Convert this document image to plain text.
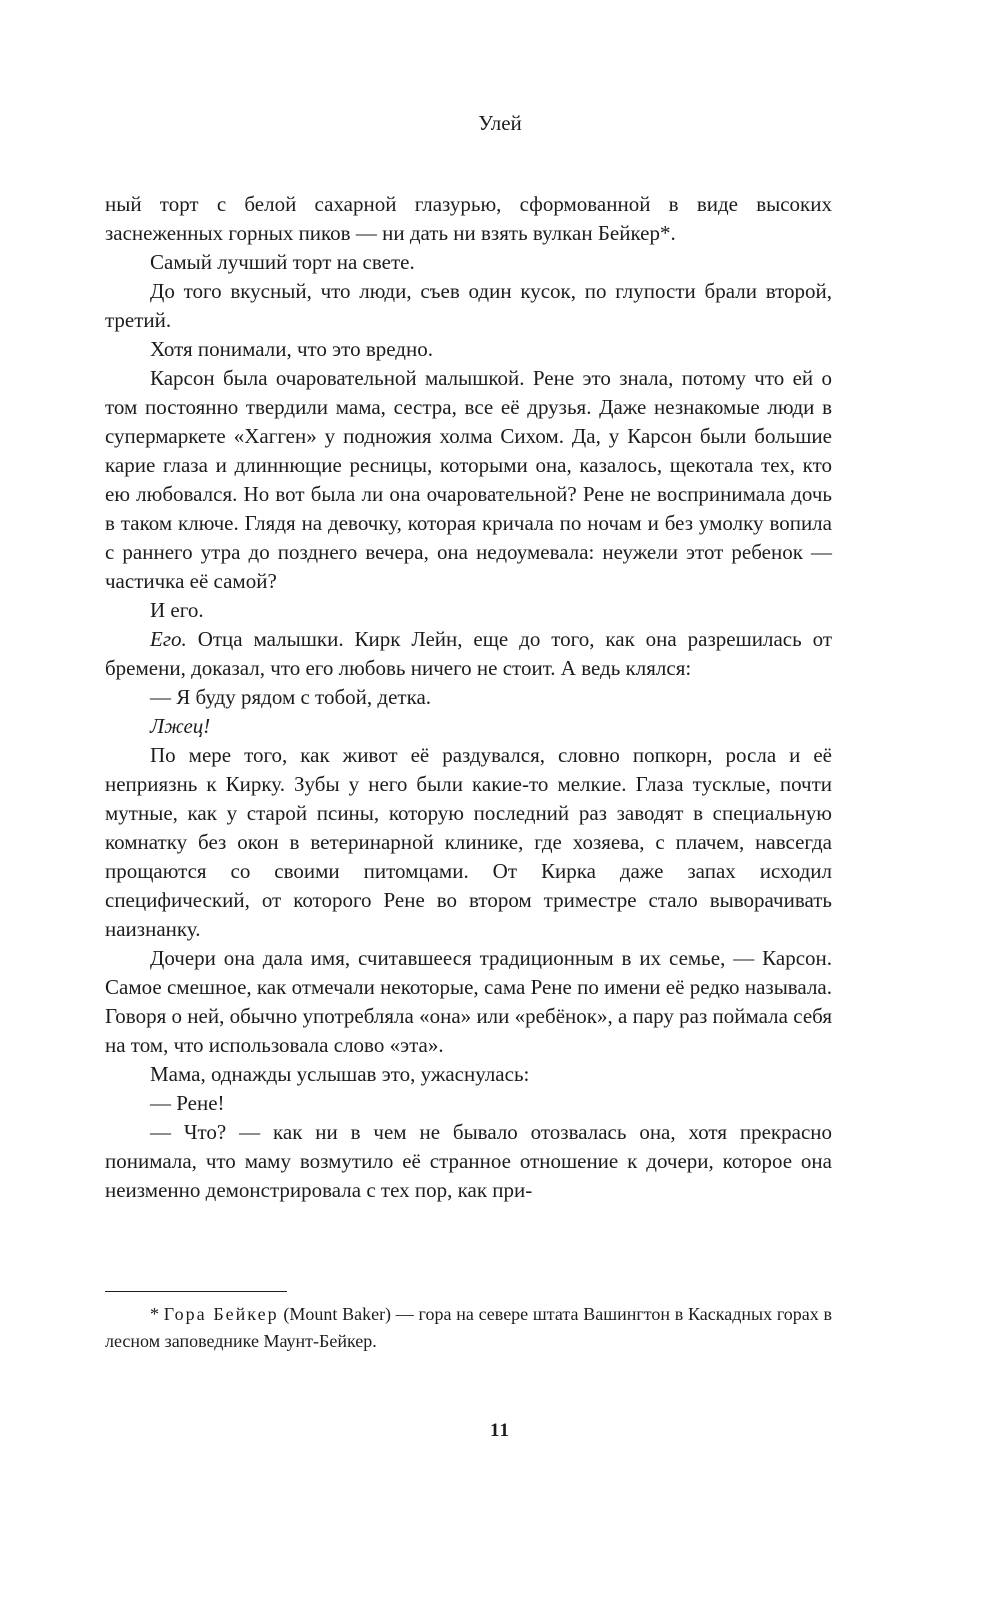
Улей

ный торт с белой сахарной глазурью, сформованной в виде высоких заснеженных горных пиков — ни дать ни взять вулкан Бейкер*.

Самый лучший торт на свете.

До того вкусный, что люди, съев один кусок, по глупости брали второй, третий.

Хотя понимали, что это вредно.

Карсон была очаровательной малышкой. Рене это знала, потому что ей о том постоянно твердили мама, сестра, все её друзья. Даже незнакомые люди в супермаркете «Хагген» у подножия холма Сихом. Да, у Карсон были большие карие глаза и длиннющие ресницы, которыми она, казалось, щекотала тех, кто ею любовался. Но вот была ли она очаровательной? Рене не воспринимала дочь в таком ключе. Глядя на девочку, которая кричала по ночам и без умолку вопила с раннего утра до позднего вечера, она недоумевала: неужели этот ребенок — частичка её самой?

И его.

Его. Отца малышки. Кирк Лейн, еще до того, как она разрешилась от бремени, доказал, что его любовь ничего не стоит. А ведь клялся:

— Я буду рядом с тобой, детка.

Лжец!

По мере того, как живот её раздувался, словно попкорн, росла и её неприязнь к Кирку. Зубы у него были какие-то мелкие. Глаза тусклые, почти мутные, как у старой псины, которую последний раз заводят в специальную комнатку без окон в ветеринарной клинике, где хозяева, с плачем, навсегда прощаются со своими питомцами. От Кирка даже запах исходил специфический, от которого Рене во втором триместре стало выворачивать наизнанку.

Дочери она дала имя, считавшееся традиционным в их семье, — Карсон. Самое смешное, как отмечали некоторые, сама Рене по имени её редко называла. Говоря о ней, обычно употребляла «она» или «ребёнок», а пару раз поймала себя на том, что использовала слово «эта».

Мама, однажды услышав это, ужаснулась:

— Рене!

— Что? — как ни в чем не бывало отозвалась она, хотя прекрасно понимала, что маму возмутило её странное отношение к дочери, которое она неизменно демонстрировала с тех пор, как при-

* Гора Бейкер (Mount Baker) — гора на севере штата Вашингтон в Каскадных горах в лесном заповеднике Маунт-Бейкер.

11
